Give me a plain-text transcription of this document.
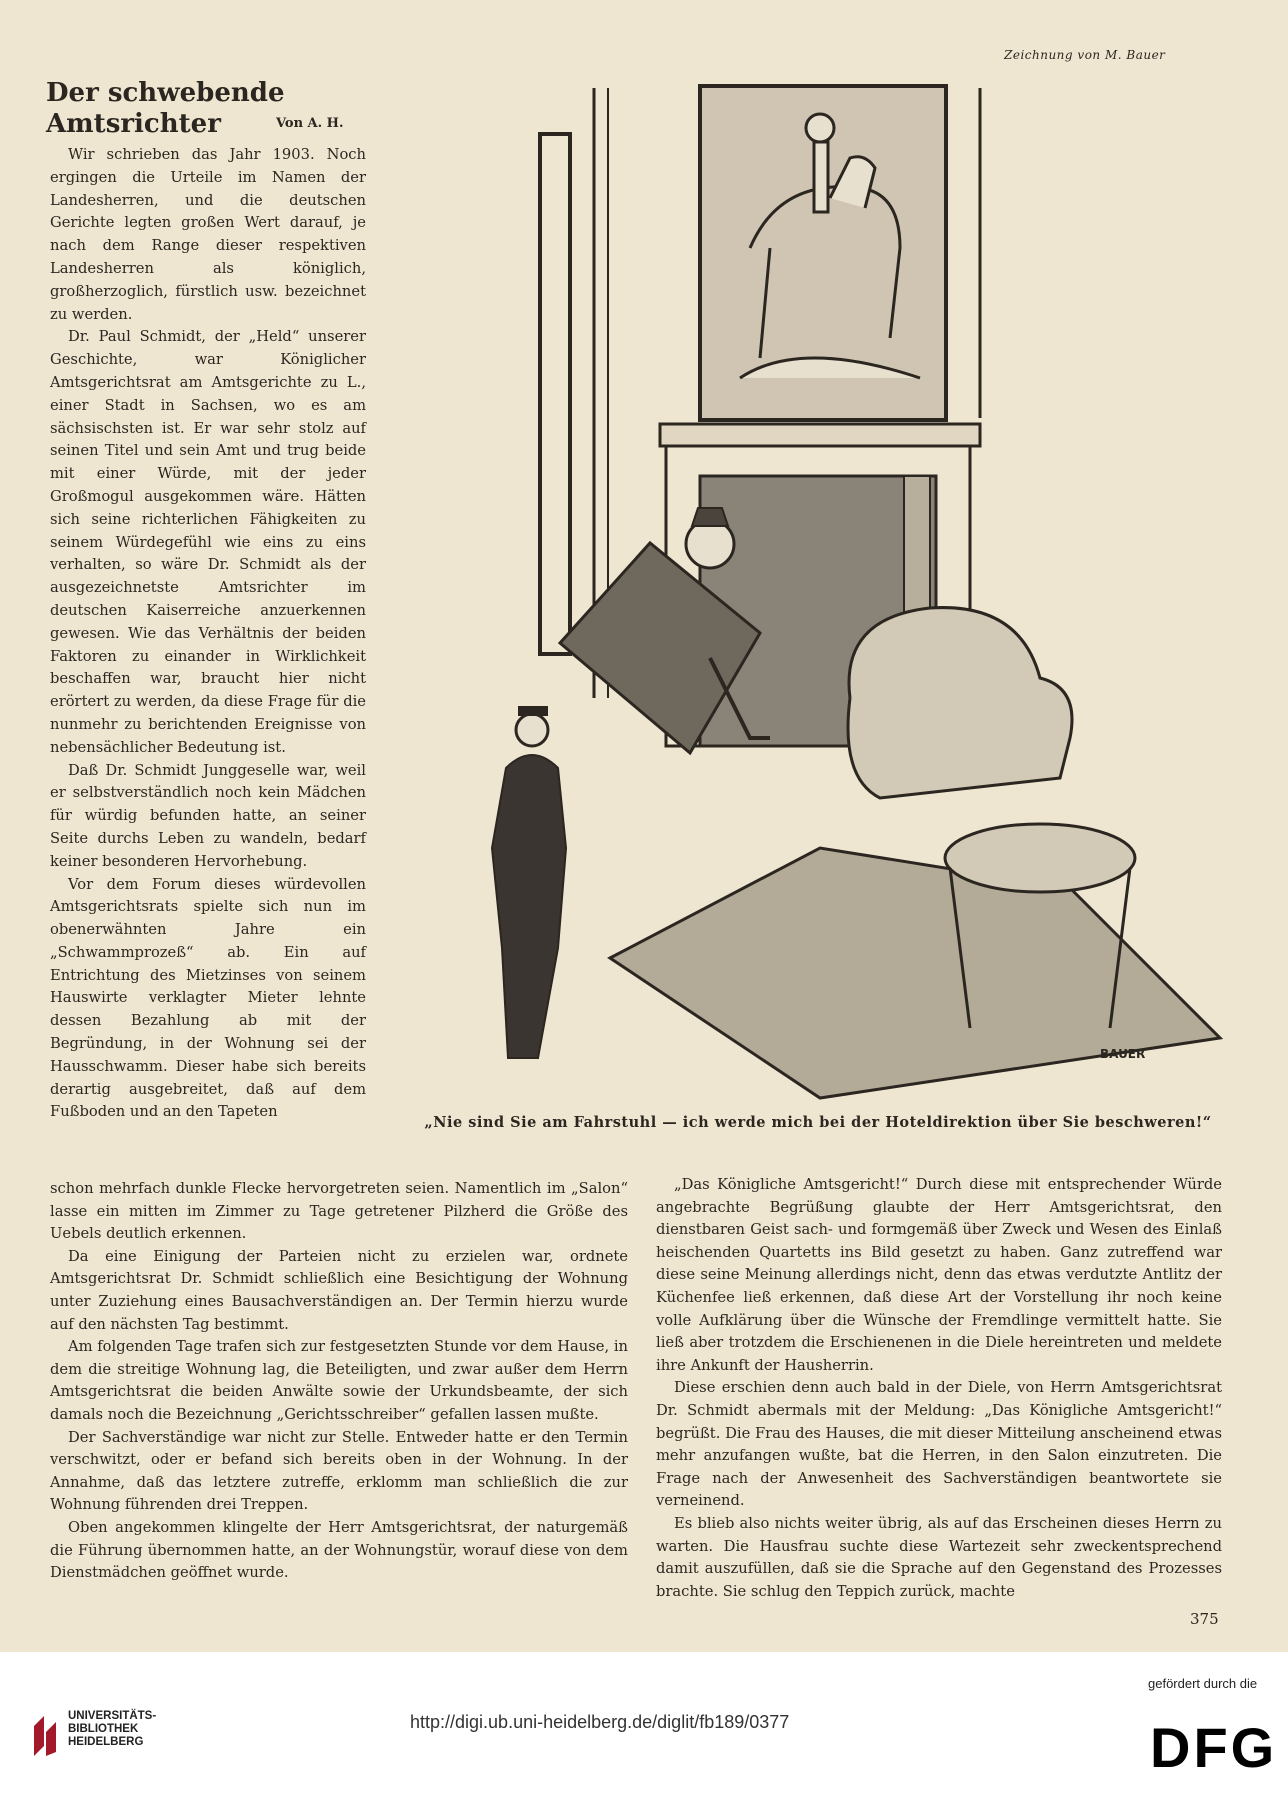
Zeichnung von M. Bauer
Der schwebende
Amtsrichter	Von A. H.

Wir schrieben das Jahr 1903. Noch ergingen die Urteile im Namen der Landesherren, und die deutschen Gerichte legten großen Wert darauf, je nach dem Range dieser respektiven Landesherren als königlich, großherzoglich, fürstlich usw. bezeichnet zu werden.

Dr. Paul Schmidt, der „Held“ unserer Geschichte, war Königlicher Amtsgerichtsrat am Amtsgerichte zu L., einer Stadt in Sachsen, wo es am sächsischsten ist. Er war sehr stolz auf seinen Titel und sein Amt und trug beide mit einer Würde, mit der jeder Großmogul ausgekommen wäre. Hätten sich seine richterlichen Fähigkeiten zu seinem Würdegefühl wie eins zu eins verhalten, so wäre Dr. Schmidt als der ausgezeichnetste Amtsrichter im deutschen Kaiserreiche anzuerkennen gewesen. Wie das Verhältnis der beiden Faktoren zu einander in Wirklichkeit beschaffen war, braucht hier nicht erörtert zu werden, da diese Frage für die nunmehr zu berichtenden Ereignisse von nebensächlicher Bedeutung ist.

Daß Dr. Schmidt Junggeselle war, weil er selbstverständlich noch kein Mädchen für würdig befunden hatte, an seiner Seite durchs Leben zu wandeln, bedarf keiner besonderen Hervorhebung.

Vor dem Forum dieses würdevollen Amtsgerichtsrats spielte sich nun im obenerwähnten Jahre ein „Schwammprozeß“ ab. Ein auf Entrichtung des Mietzinses von seinem Hauswirte verklagter Mieter lehnte dessen Bezahlung ab mit der Begründung, in der Wohnung sei der Hausschwamm. Dieser habe sich bereits derartig ausgebreitet, daß auf dem Fußboden und an den Tapeten

BAUER
„Nie sind Sie am Fahrstuhl — ich werde mich bei der Hoteldirektion über Sie beschweren!“

schon mehrfach dunkle Flecke hervorgetreten seien. Namentlich im „Salon“ lasse ein mitten im Zimmer zu Tage getretener Pilzherd die Größe des Uebels deutlich erkennen.

Da eine Einigung der Parteien nicht zu erzielen war, ordnete Amtsgerichtsrat Dr. Schmidt schließlich eine Besichtigung der Wohnung unter Zuziehung eines Bausachverständigen an. Der Termin hierzu wurde auf den nächsten Tag bestimmt.

Am folgenden Tage trafen sich zur festgesetzten Stunde vor dem Hause, in dem die streitige Wohnung lag, die Beteiligten, und zwar außer dem Herrn Amtsgerichtsrat die beiden Anwälte sowie der Urkundsbeamte, der sich damals noch die Bezeichnung „Gerichtsschreiber“ gefallen lassen mußte.

Der Sachverständige war nicht zur Stelle. Entweder hatte er den Termin verschwitzt, oder er befand sich bereits oben in der Wohnung. In der Annahme, daß das letztere zutreffe, erklomm man schließlich die zur Wohnung führenden drei Treppen.

Oben angekommen klingelte der Herr Amtsgerichtsrat, der naturgemäß die Führung übernommen hatte, an der Wohnungstür, worauf diese von dem Dienstmädchen geöffnet wurde.

„Das Königliche Amtsgericht!“ Durch diese mit entsprechender Würde angebrachte Begrüßung glaubte der Herr Amtsgerichtsrat, den dienstbaren Geist sach- und formgemäß über Zweck und Wesen des Einlaß heischenden Quartetts ins Bild gesetzt zu haben. Ganz zutreffend war diese seine Meinung allerdings nicht, denn das etwas verdutzte Antlitz der Küchenfee ließ erkennen, daß diese Art der Vorstellung ihr noch keine volle Aufklärung über die Wünsche der Fremdlinge vermittelt hatte. Sie ließ aber trotzdem die Erschienenen in die Diele hereintreten und meldete ihre Ankunft der Hausherrin.

Diese erschien denn auch bald in der Diele, von Herrn Amtsgerichtsrat Dr. Schmidt abermals mit der Meldung: „Das Königliche Amtsgericht!“ begrüßt. Die Frau des Hauses, die mit dieser Mitteilung anscheinend etwas mehr anzufangen wußte, bat die Herren, in den Salon einzutreten. Die Frage nach der Anwesenheit des Sachverständigen beantwortete sie verneinend.

Es blieb also nichts weiter übrig, als auf das Erscheinen dieses Herrn zu warten. Die Hausfrau suchte diese Wartezeit sehr zweckentsprechend damit auszufüllen, daß sie die Sprache auf den Gegenstand des Prozesses brachte. Sie schlug den Teppich zurück, machte

375
UNIVERSITÄTS-
BIBLIOTHEK
HEIDELBERG
http://digi.ub.uni-heidelberg.de/diglit/fb189/0377
gefördert durch die
DFG
